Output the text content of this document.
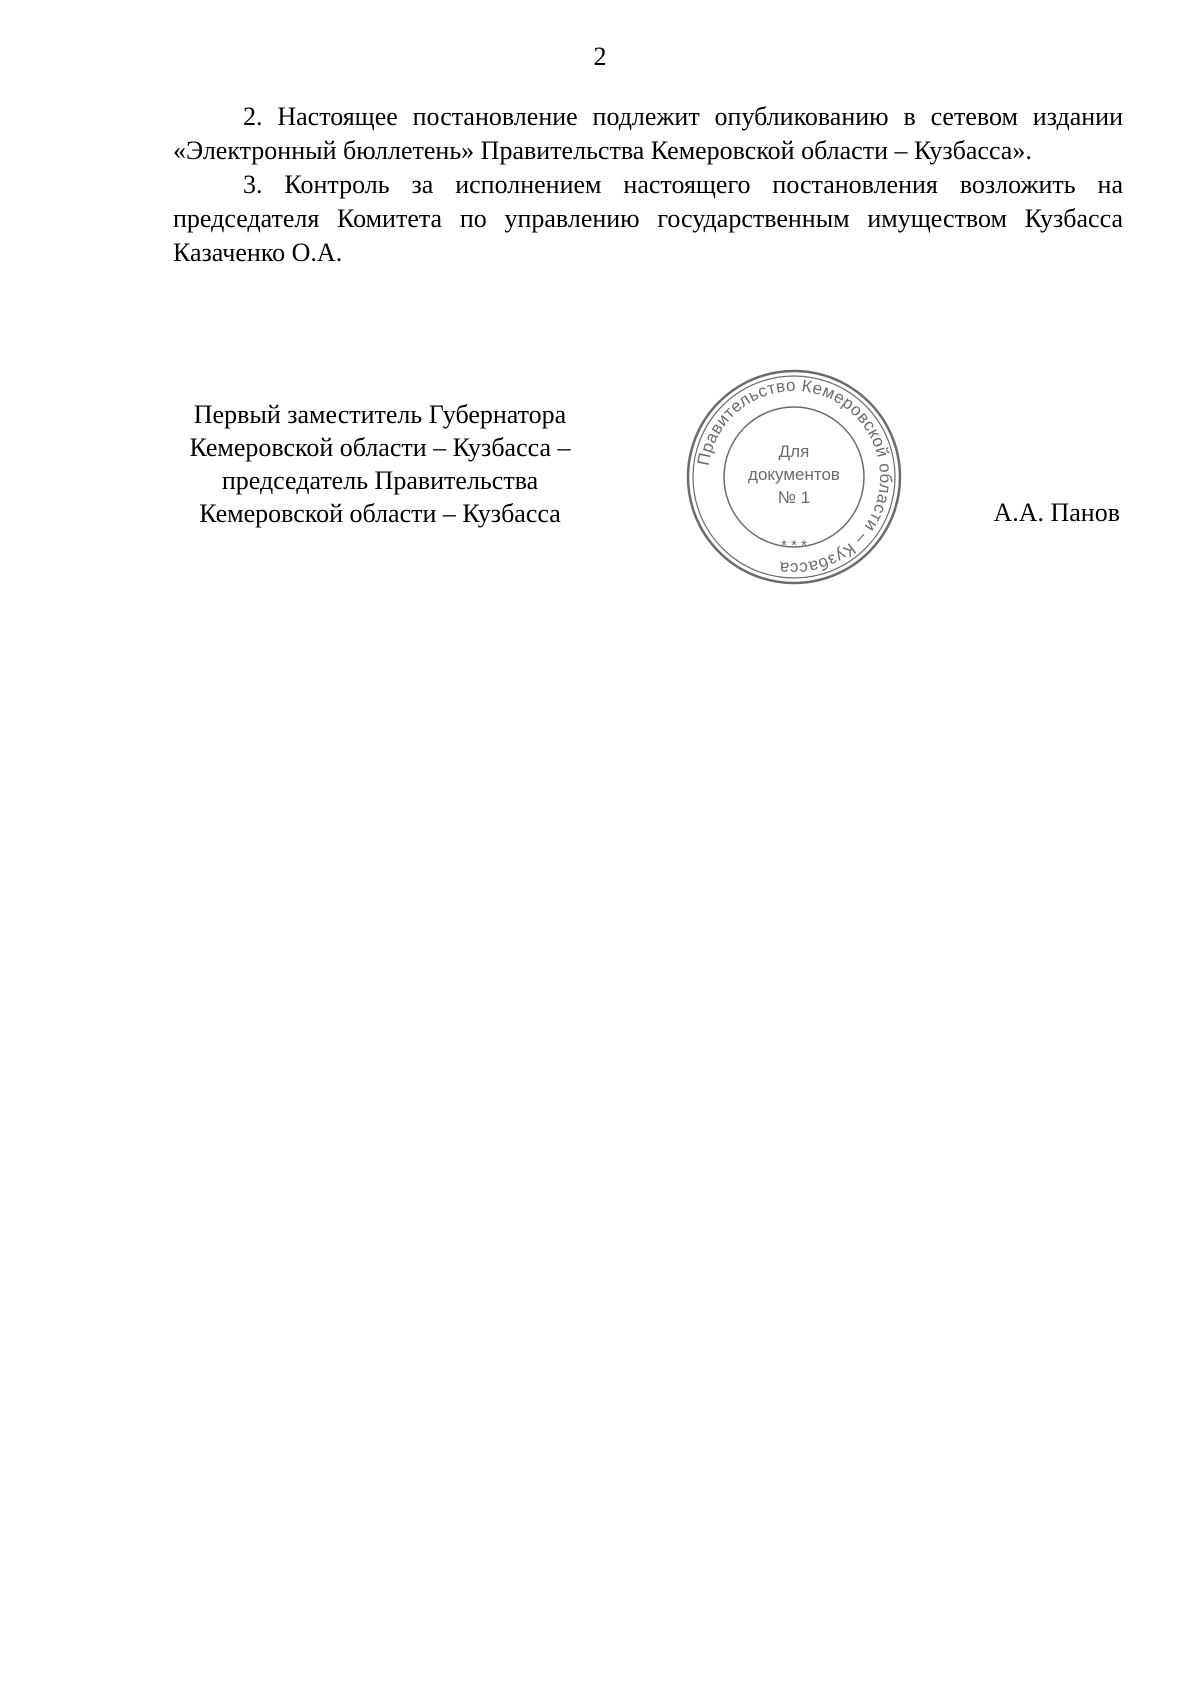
2

2. Настоящее постановление подлежит опубликованию в сетевом издании «Электронный бюллетень» Правительства Кемеровской области – Кузбасса».

3. Контроль за исполнением настоящего постановления возложить на председателя Комитета по управлению государственным имуществом Кузбасса Казаченко О.А.

Первый заместитель Губернатора
Кемеровской области – Кузбасса –
председатель Правительства
Кемеровской области – Кузбасса
Правительство Кемеровской области – Кузбасса
* * *
Для
документов
№ 1
А.А. Панов
